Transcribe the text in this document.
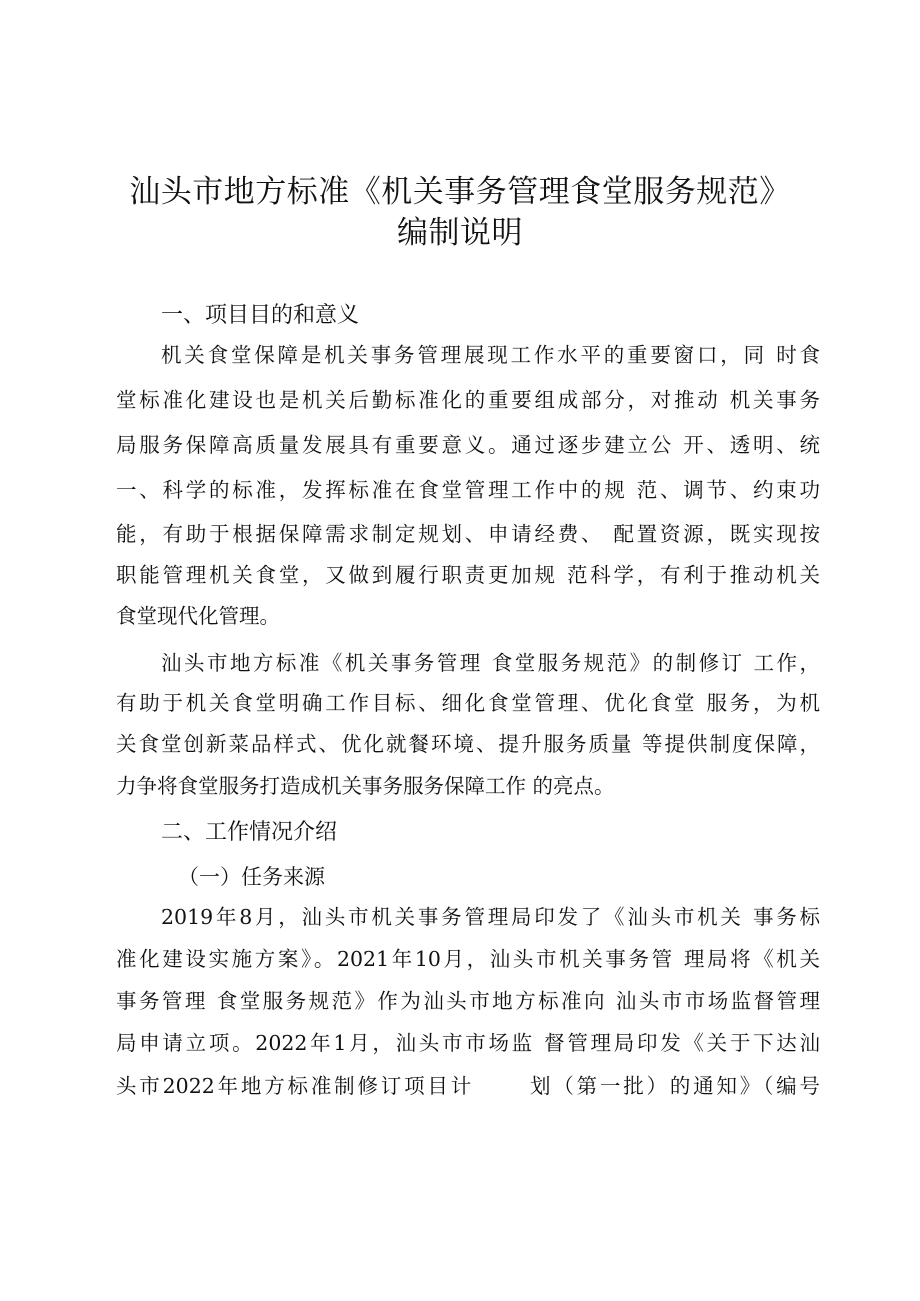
汕头市地方标准《机关事务管理食堂服务规范》
编制说明
一、项目目的和意义
机关食堂保障是机关事务管理展现工作水平的重要窗口，同 时食
堂标准化建设也是机关后勤标准化的重要组成部分，对推动 机关事务
局服务保障高质量发展具有重要意义。通过逐步建立公 开、透明、统
一、科学的标准，发挥标准在食堂管理工作中的规 范、调节、约束功
能，有助于根据保障需求制定规划、申请经费、 配置资源，既实现按
职能管理机关食堂，又做到履行职责更加规 范科学，有利于推动机关
食堂现代化管理。
汕头市地方标准《机关事务管理 食堂服务规范》的制修订 工作，
有助于机关食堂明确工作目标、细化食堂管理、优化食堂 服务，为机
关食堂创新菜品样式、优化就餐环境、提升服务质量 等提供制度保障，
力争将食堂服务打造成机关事务服务保障工作 的亮点。
二、工作情况介绍
（一）任务来源
2019年8月，汕头市机关事务管理局印发了《汕头市机关 事务标
准化建设实施方案》。2021年10月，汕头市机关事务管 理局将《机关
事务管理 食堂服务规范》作为汕头市地方标准向 汕头市市场监督管理
局申请立项。2022年1月，汕头市市场监 督管理局印发《关于下达汕
头市2022年地方标准制修订项目计　　 划（第一批）的通知》（编号
